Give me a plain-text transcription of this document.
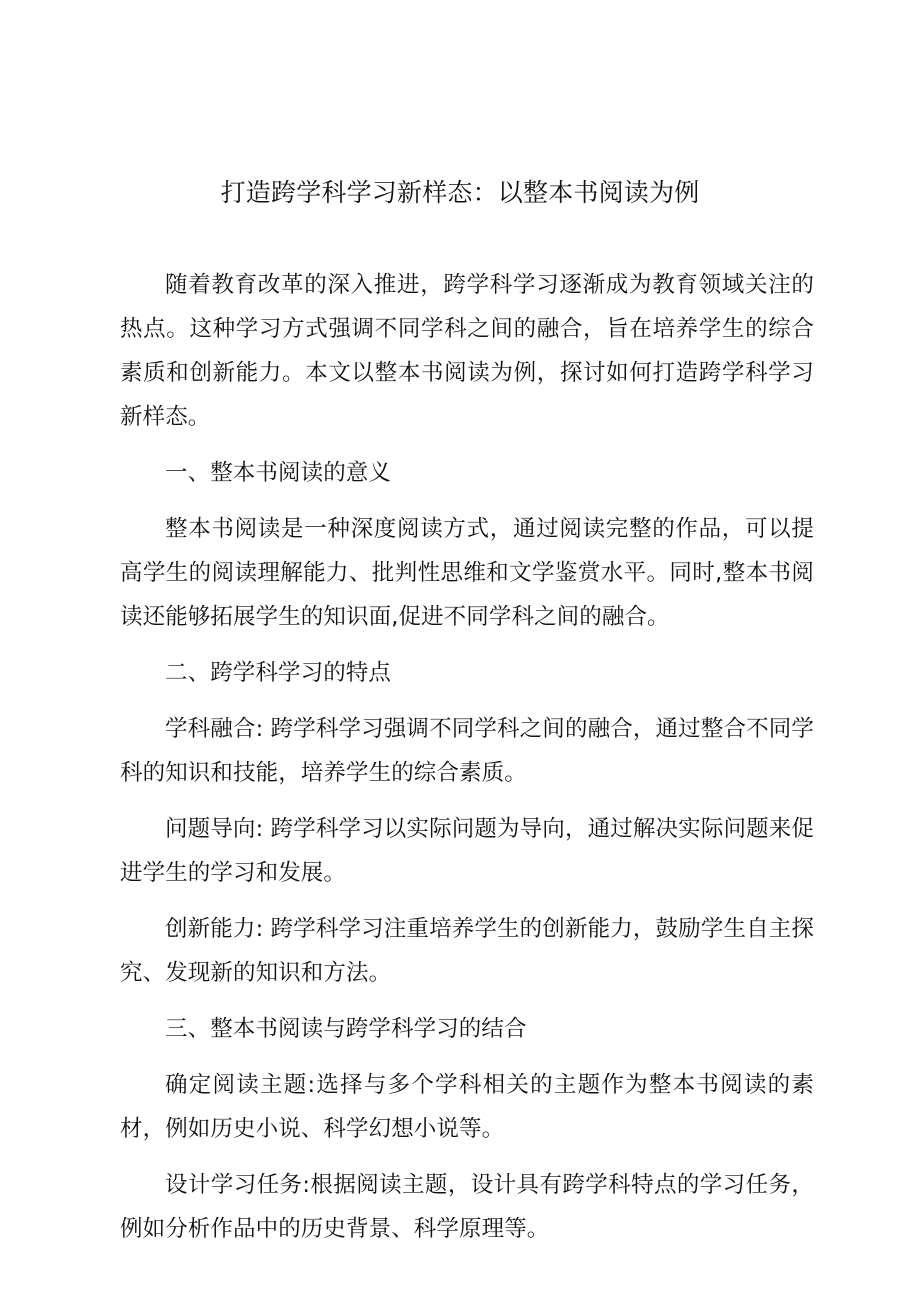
打造跨学科学习新样态：以整本书阅读为例

随着教育改革的深入推进，跨学科学习逐渐成为教育领域关注的热点。这种学习方式强调不同学科之间的融合，旨在培养学生的综合素质和创新能力。本文以整本书阅读为例，探讨如何打造跨学科学习新样态。

一、整本书阅读的意义

整本书阅读是一种深度阅读方式，通过阅读完整的作品，可以提高学生的阅读理解能力、批判性思维和文学鉴赏水平。同时,整本书阅读还能够拓展学生的知识面,促进不同学科之间的融合。

二、跨学科学习的特点

学科融合: 跨学科学习强调不同学科之间的融合，通过整合不同学科的知识和技能，培养学生的综合素质。

问题导向: 跨学科学习以实际问题为导向，通过解决实际问题来促进学生的学习和发展。

创新能力: 跨学科学习注重培养学生的创新能力，鼓励学生自主探究、发现新的知识和方法。

三、整本书阅读与跨学科学习的结合

确定阅读主题:选择与多个学科相关的主题作为整本书阅读的素材，例如历史小说、科学幻想小说等。

设计学习任务:根据阅读主题，设计具有跨学科特点的学习任务，例如分析作品中的历史背景、科学原理等。
